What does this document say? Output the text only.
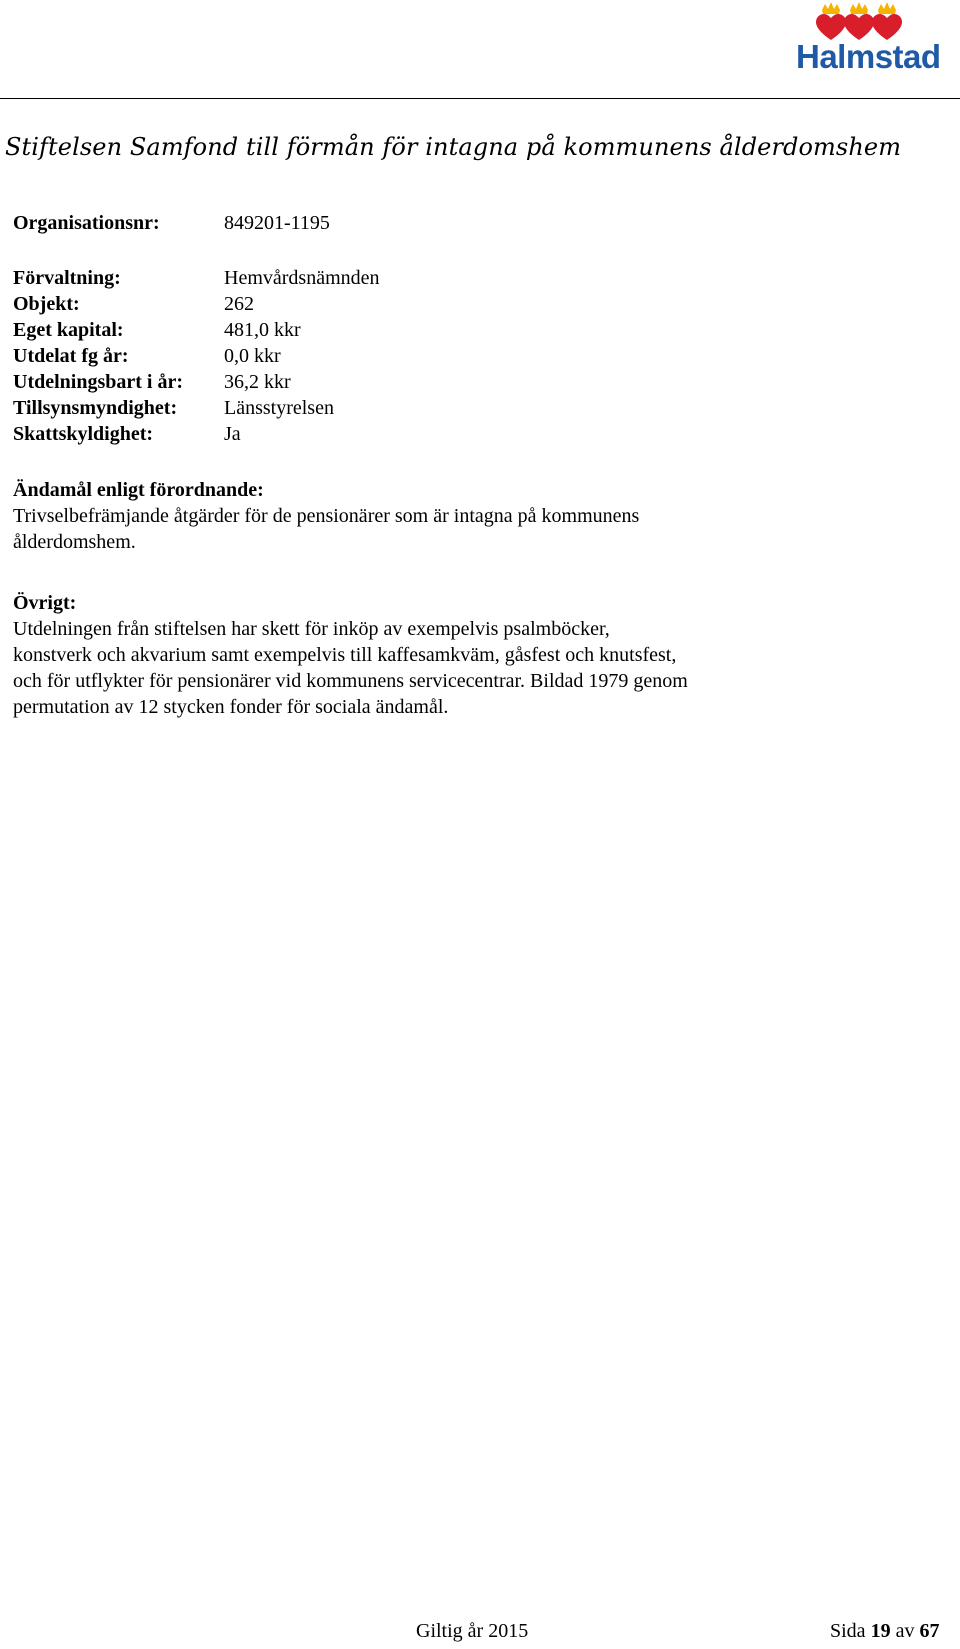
Halmstad
Stiftelsen Samfond till förmån för intagna på kommunens ålderdomshem
Organisationsnr:	849201-1195
Förvaltning:	Hemvårdsnämnden
Objekt:	262
Eget kapital:	481,0 kkr
Utdelat fg år:	0,0 kkr
Utdelningsbart i år:	36,2 kkr
Tillsynsmyndighet:	Länsstyrelsen
Skattskyldighet:	Ja
Ändamål enligt förordnande:
Trivselbefrämjande åtgärder för de pensionärer som är intagna på kommunens
ålderdomshem.
Övrigt:
Utdelningen från stiftelsen har skett för inköp av exempelvis psalmböcker,
konstverk och akvarium samt exempelvis till kaffesamkväm, gåsfest och knutsfest,
och för utflykter för pensionärer vid kommunens servicecentrar. Bildad 1979 genom
permutation av 12 stycken fonder för sociala ändamål.
Giltig år 2015	Sida 19 av 67
